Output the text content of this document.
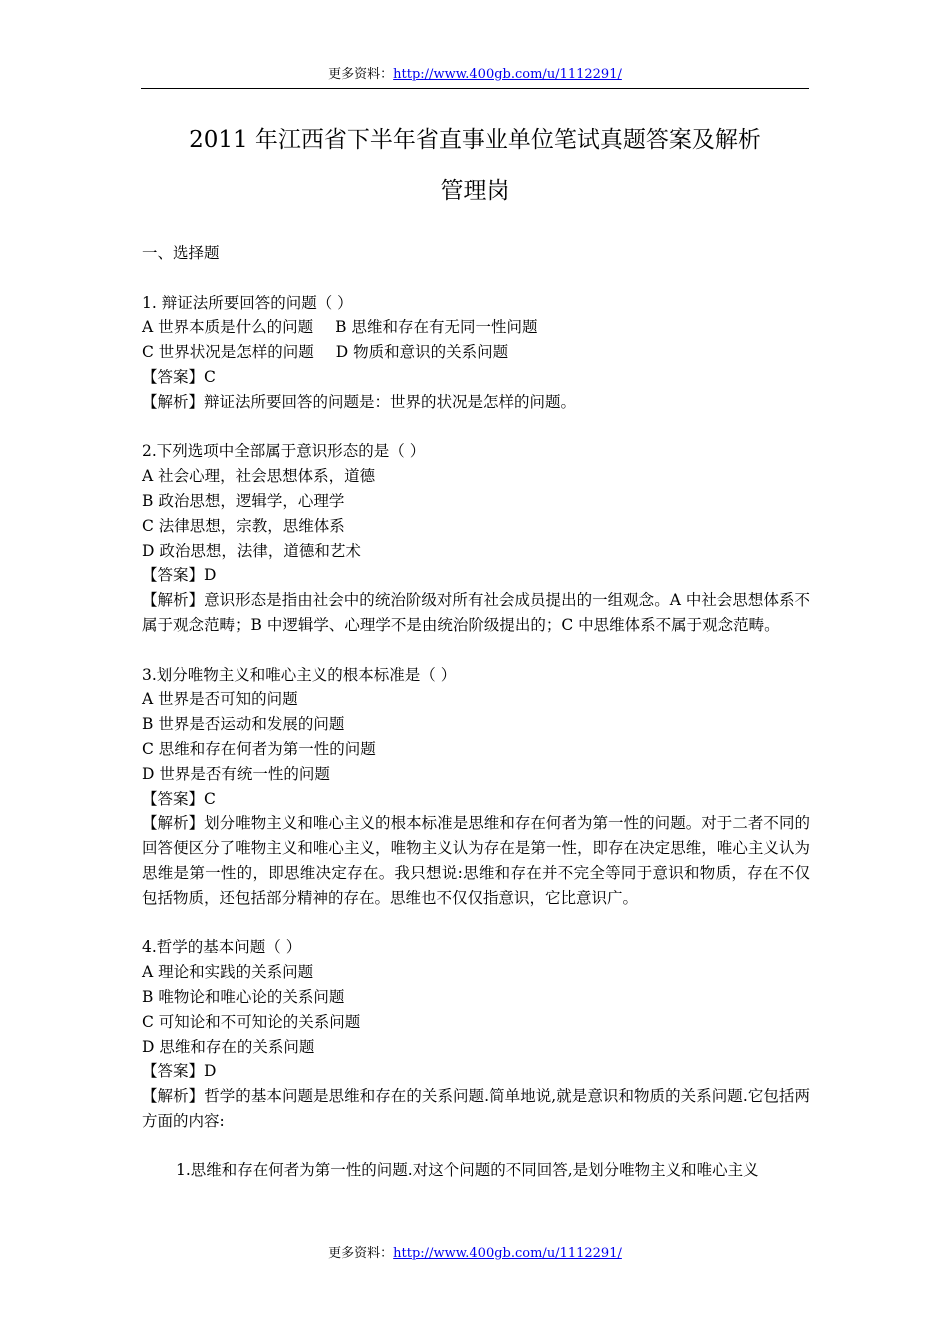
更多资料：http://www.400gb.com/u/1112291/
2011 年江西省下半年省直事业单位笔试真题答案及解析
管理岗

一、选择题

1. 辩证法所要回答的问题（ ）

A 世界本质是什么的问题 B 思维和存在有无同一性问题

C 世界状况是怎样的问题 D 物质和意识的关系问题

【答案】C

【解析】辩证法所要回答的问题是：世界的状况是怎样的问题。

2.下列选项中全部属于意识形态的是（ ）

A 社会心理，社会思想体系，道德

B 政治思想，逻辑学，心理学

C 法律思想，宗教，思维体系

D 政治思想，法律，道德和艺术

【答案】D

【解析】意识形态是指由社会中的统治阶级对所有社会成员提出的一组观念。A 中社会思想体系不属于观念范畴；B 中逻辑学、心理学不是由统治阶级提出的；C 中思维体系不属于观念范畴。

3.划分唯物主义和唯心主义的根本标准是（ ）

A 世界是否可知的问题

B 世界是否运动和发展的问题

C 思维和存在何者为第一性的问题

D 世界是否有统一性的问题

【答案】C

【解析】划分唯物主义和唯心主义的根本标准是思维和存在何者为第一性的问题。对于二者不同的回答便区分了唯物主义和唯心主义，唯物主义认为存在是第一性，即存在决定思维，唯心主义认为思维是第一性的，即思维决定存在。我只想说:思维和存在并不完全等同于意识和物质，存在不仅包括物质，还包括部分精神的存在。思维也不仅仅指意识，它比意识广。

4.哲学的基本问题（ ）

A 理论和实践的关系问题

B 唯物论和唯心论的关系问题

C 可知论和不可知论的关系问题

D 思维和存在的关系问题

【答案】D

【解析】哲学的基本问题是思维和存在的关系问题.简单地说,就是意识和物质的关系问题.它包括两方面的内容:

1.思维和存在何者为第一性的问题.对这个问题的不同回答,是划分唯物主义和唯心主义

更多资料：http://www.400gb.com/u/1112291/
